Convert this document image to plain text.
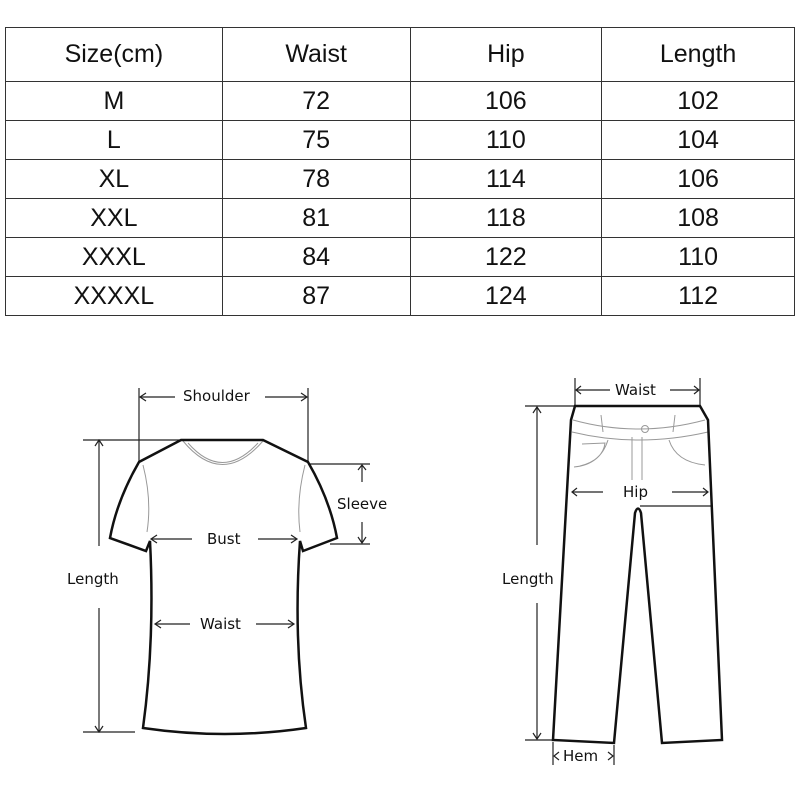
Size(cm)	Waist	Hip	Length
M	72	106	102
L	75	110	104
XL	78	114	106
XXL	81	118	108
XXXL	84	122	110
XXXXL	87	124	112
Shoulder
Sleeve
Bust
Length
Waist
Waist
Hip
Length
Hem
